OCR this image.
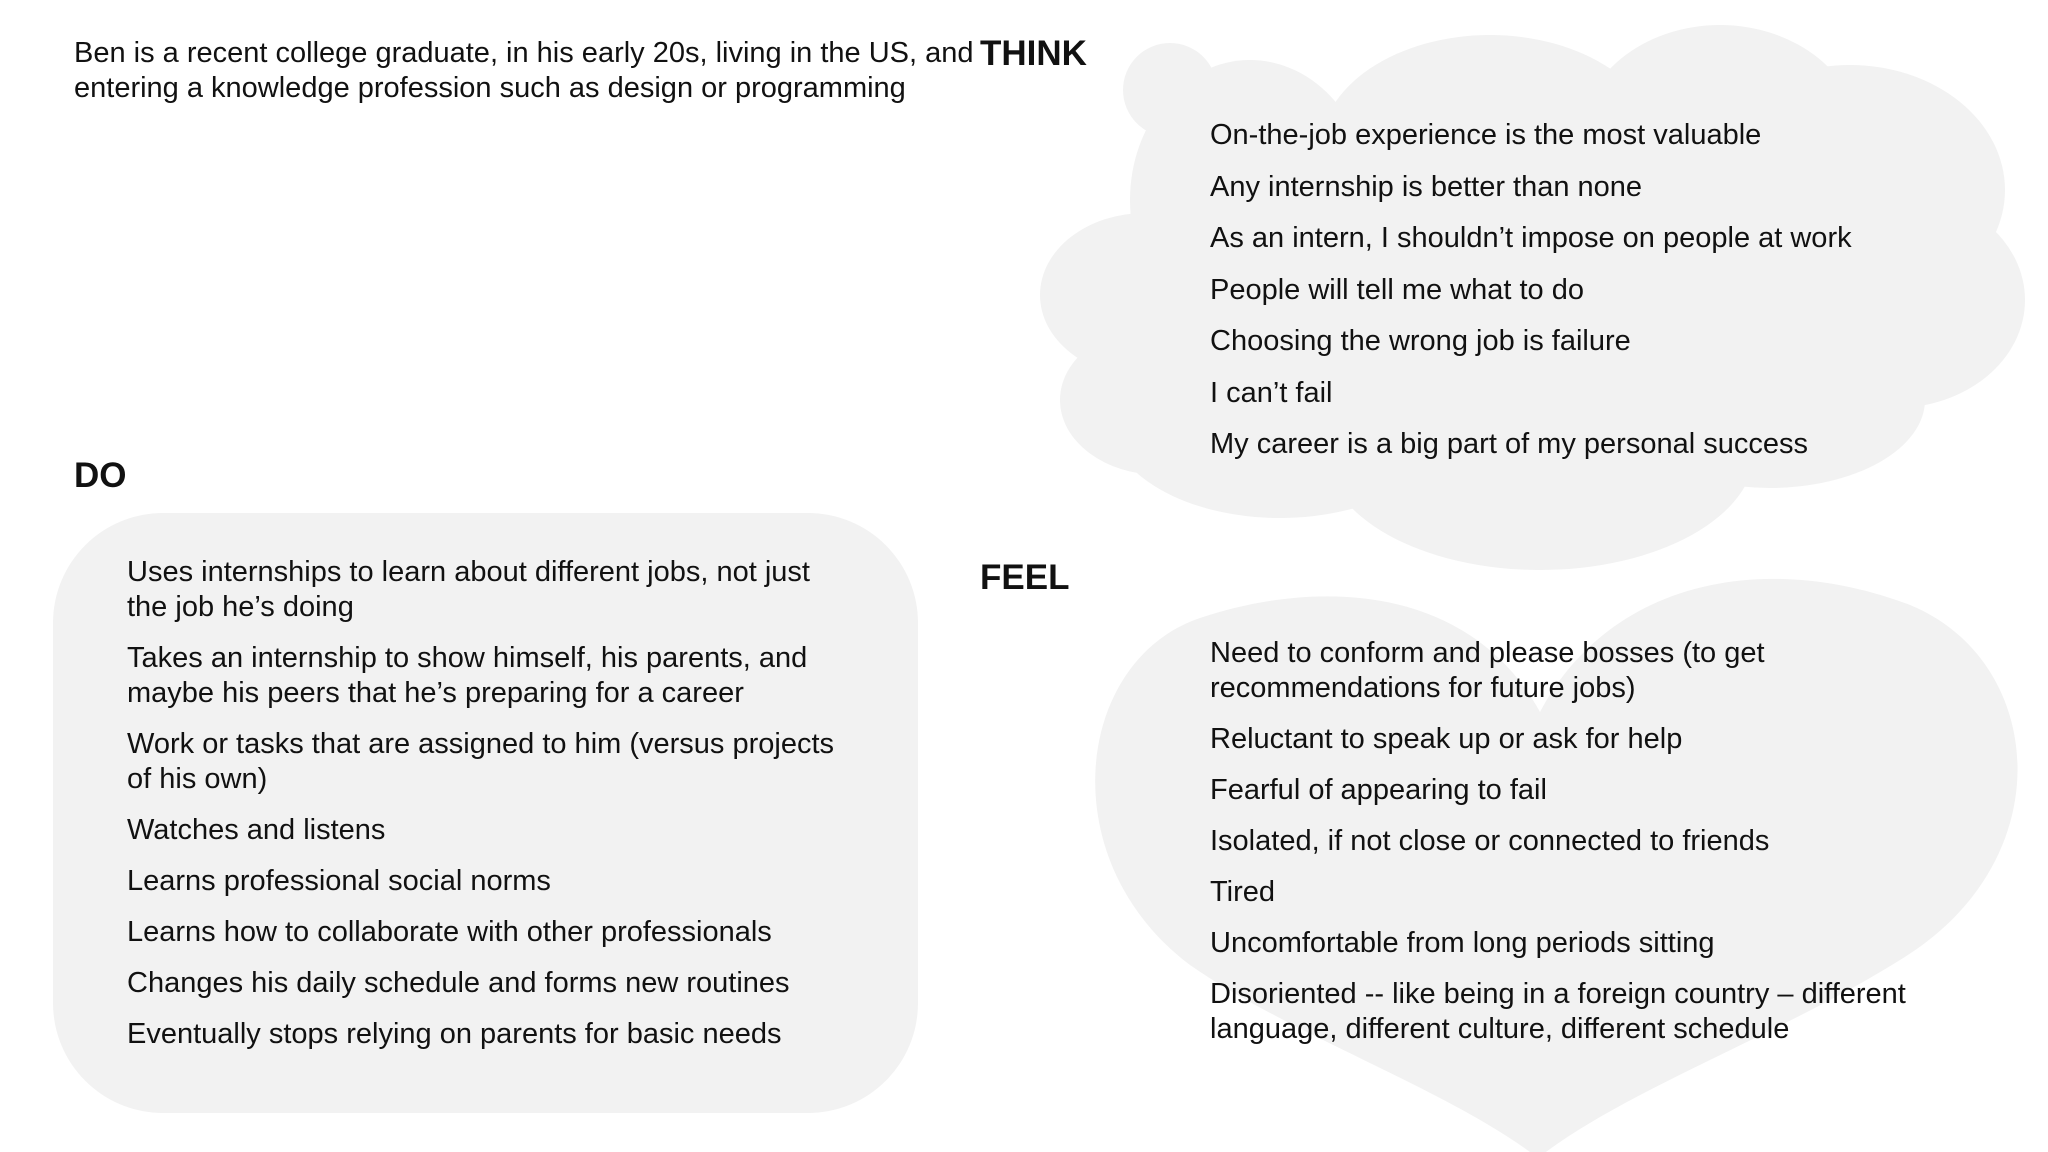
Ben is a recent college graduate, in his early 20s, living in the US, and entering a knowledge profession such as design or programming
DO
Uses internships to learn about different jobs, not just the job he’s doing
Takes an internship to show himself, his parents, and maybe his peers that he’s preparing for a career
Work or tasks that are assigned to him (versus projects of his own)
Watches and listens
Learns professional social norms
Learns how to collaborate with other professionals
Changes his daily schedule and forms new routines
Eventually stops relying on parents for basic needs
THINK
On-the-job experience is the most valuable
Any internship is better than none
As an intern, I shouldn’t impose on people at work
People will tell me what to do
Choosing the wrong job is failure
I can’t fail
My career is a big part of my personal success
FEEL
Need to conform and please bosses (to get recommendations for future jobs)
Reluctant to speak up or ask for help
Fearful of appearing to fail
Isolated, if not close or connected to friends
Tired
Uncomfortable from long periods sitting
Disoriented -- like being in a foreign country – different language, different culture, different schedule
